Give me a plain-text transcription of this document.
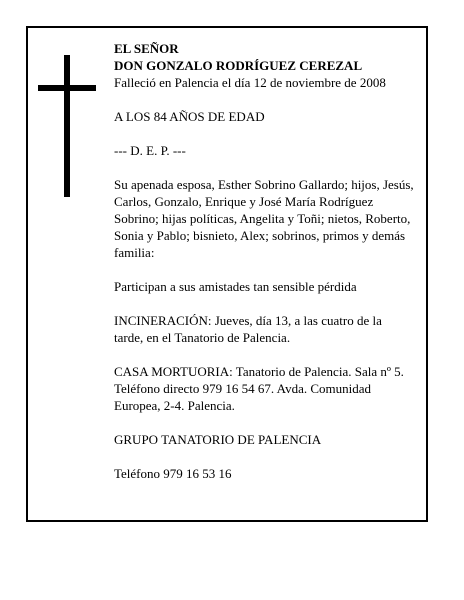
EL SEÑOR

DON GONZALO RODRÍGUEZ CEREZAL

Falleció en Palencia el día 12 de noviembre de 2008

A LOS 84 AÑOS DE EDAD

--- D. E. P. ---

Su apenada esposa, Esther Sobrino Gallardo; hijos, Jesús, Carlos, Gonzalo, Enrique y José María Rodríguez Sobrino; hijas políticas, Angelita y Toñi; nietos, Roberto, Sonia y Pablo; bisnieto, Alex; sobrinos, primos y demás familia:

Participan a sus amistades tan sensible pérdida

INCINERACIÓN: Jueves, día 13, a las cuatro de la tarde, en el Tanatorio de Palencia.

CASA MORTUORIA: Tanatorio de Palencia. Sala nº 5. Teléfono directo 979 16 54 67. Avda. Comunidad Europea, 2-4. Palencia.

GRUPO TANATORIO DE PALENCIA

Teléfono 979 16 53 16
